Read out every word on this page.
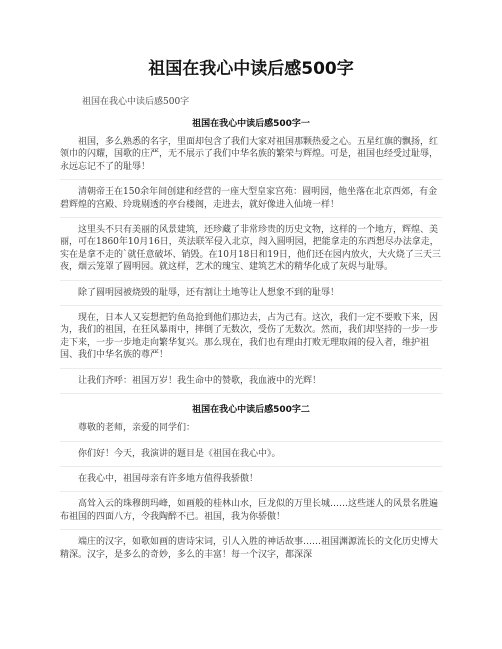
祖国在我心中读后感500字
祖国在我心中读后感500字
祖国在我心中读后感500字一
祖国，多么熟悉的名字，里面却包含了我们大家对祖国那颗热爱之心。五星红旗的飘扬，红领巾的闪耀，国歌的庄严，无不展示了我们中华名族的繁荣与辉煌。可是，祖国也经受过耻辱，永远忘记不了的耻辱！
清朝帝王在150余年间创建和经营的一座大型皇家宫苑：圆明园，他坐落在北京西郊，有金碧辉煌的宫殿、玲珑剔透的亭台楼阁，走进去，就好像进入仙境一样！
这里头不只有美丽的风景建筑，还珍藏了非常珍贵的历史文物，这样的一个地方，辉煌、美丽，可在1860年10月16日，英法联军侵入北京，闯入圆明园，把能拿走的东西想尽办法拿走，实在是拿不走的`就任意破坏、销毁。在10月18日和19日，他们还在园内放火，大火烧了三天三夜，烟云笼罩了圆明园。就这样，艺术的瑰宝、建筑艺术的精华化成了灰烬与耻辱。
除了圆明园被烧毁的耻辱，还有割让土地等让人想象不到的耻辱！
现在，日本人又妄想把钓鱼岛抢到他们那边去，占为己有。这次，我们一定不要败下来，因为，我们的祖国，在狂风暴雨中，摔倒了无数次，受伤了无数次。然而，我们却坚持的一步一步走下来，一步一步地走向繁华复兴。那么现在，我们也有理由打败无理取闹的侵入者，维护祖国、我们中华名族的尊严！
让我们齐呼：祖国万岁！我生命中的赞歌，我血液中的光辉！
祖国在我心中读后感500字二
尊敬的老师，亲爱的同学们：
你们好！今天，我演讲的题目是《祖国在我心中》。
在我心中，祖国母亲有许多地方值得我骄傲！
高耸入云的珠穆朗玛峰，如画般的桂林山水，巨龙似的万里长城……这些迷人的风景名胜遍布祖国的四面八方，令我陶醉不已。祖国，我为你骄傲！
端庄的汉字，如歌如画的唐诗宋词，引人入胜的神话故事……祖国渊源流长的文化历史博大精深。汉字，是多么的奇妙，多么的丰富！每一个汉字，都深深
